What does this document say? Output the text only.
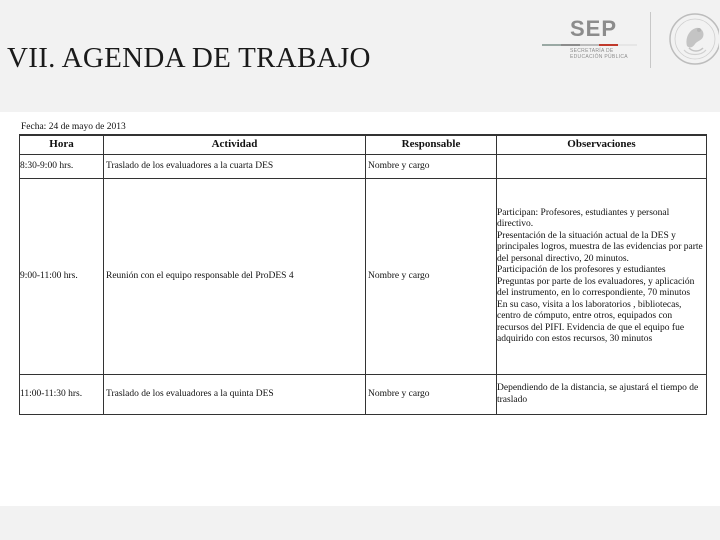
VII. AGENDA DE TRABAJO
SEP
SECRETARÍA DE
EDUCACIÓN PÚBLICA
Fecha: 24 de mayo de 2013
Hora	Actividad	Responsable	Observaciones
8:30-9:00 hrs.	Traslado de los evaluadores a la cuarta DES	Nombre y cargo	
9:00-11:00 hrs.	Reunión con el equipo responsable del ProDES 4	Nombre y cargo	Participan: Profesores, estudiantes y personal directivo.
Presentación de la situación actual de la DES y principales logros, muestra de las evidencias por parte del personal directivo, 20 minutos.
Participación de los profesores y estudiantes
Preguntas por parte de los evaluadores, y aplicación del instrumento, en lo correspondiente, 70 minutos
En su caso, visita a los laboratorios , bibliotecas, centro de cómputo, entre otros, equipados con recursos del PIFI. Evidencia de que el equipo fue adquirido con estos recursos, 30 minutos
11:00-11:30 hrs.	Traslado de los evaluadores a la quinta DES	Nombre y cargo	Dependiendo de la distancia, se ajustará el tiempo de traslado
